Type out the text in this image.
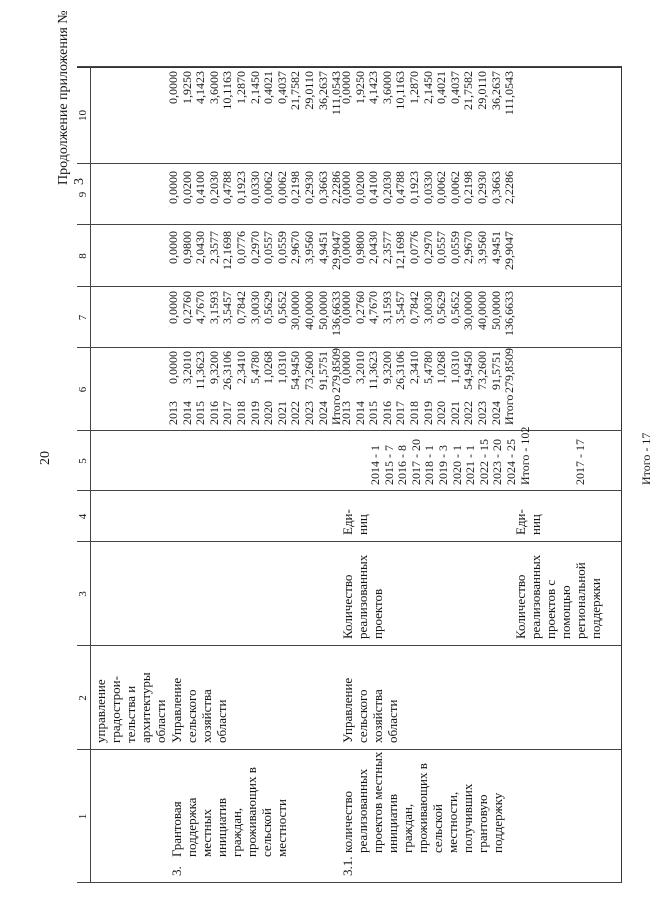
20
Продолжение приложения № 3
1
2
3
4
5
6
7
8
9
10
управление градострои- тельства и архитектуры области
3.
Грантовая поддержка местных инициатив граждан, проживающих в сельской местности
Управление сельского хозяйства области
2013 2014 2015 2016 2017 2018 2019 2020 2021 2022 2023 2024 Итого
0,0000 3,2010 11,3623 9,3200 26,3106 2,3410 5,4780 1,0268 1,0310 54,9450 73,2600 91,5751 279,8509
0,0000 0,2760 4,7670 3,1593 3,5457 0,7842 3,0030 0,5629 0,5652 30,0000 40,0000 50,0000 136,6633
0,0000 0,9800 2,0430 2,3577 12,1698 0,0776 0,2970 0,0557 0,0559 2,9670 3,9560 4,9451 29,9047
0,0000 0,0200 0,4100 0,2030 0,4788 0,1923 0,0330 0,0062 0,0062 0,2198 0,2930 0,3663 2,2286
0,0000 1,9250 4,1423 3,6000 10,1163 1,2870 2,1450 0,4021 0,4037 21,7582 29,0110 36,2637 111,0543
3.1.
количество реализованных проектов местных инициатив граждан, проживающих в сельской местности, получивших грантовую поддержку
Управление сельского хозяйства области
Количество реализованных проектов
Еди- ниц
2014 - 1 2015 - 7 2016 - 8 2017 - 20 2018 - 1 2019 - 3 2020 - 1 2021 - 1 2022 - 15 2023 - 20 2024 - 25 Итого - 102
2013 2014 2015 2016 2017 2018 2019 2020 2021 2022 2023 2024 Итого
0,0000 3,2010 11,3623 9,3200 26,3106 2,3410 5,4780 1,0268 1,0310 54,9450 73,2600 91,5751 279,8509
0,0000 0,2760 4,7670 3,1593 3,5457 0,7842 3,0030 0,5629 0,5652 30,0000 40,0000 50,0000 136,6633
0,0000 0,9800 2,0430 2,3577 12,1698 0,0776 0,2970 0,0557 0,0559 2,9670 3,9560 4,9451 29,9047
0,0000 0,0200 0,4100 0,2030 0,4788 0,1923 0,0330 0,0062 0,0062 0,2198 0,2930 0,3663 2,2286
0,0000 1,9250 4,1423 3,6000 10,1163 1,2870 2,1450 0,4021 0,4037 21,7582 29,0110 36,2637 111,0543
Количество реализованных проектов с помощью региональной поддержки
Еди- ниц
2017 - 17	Итого - 17
